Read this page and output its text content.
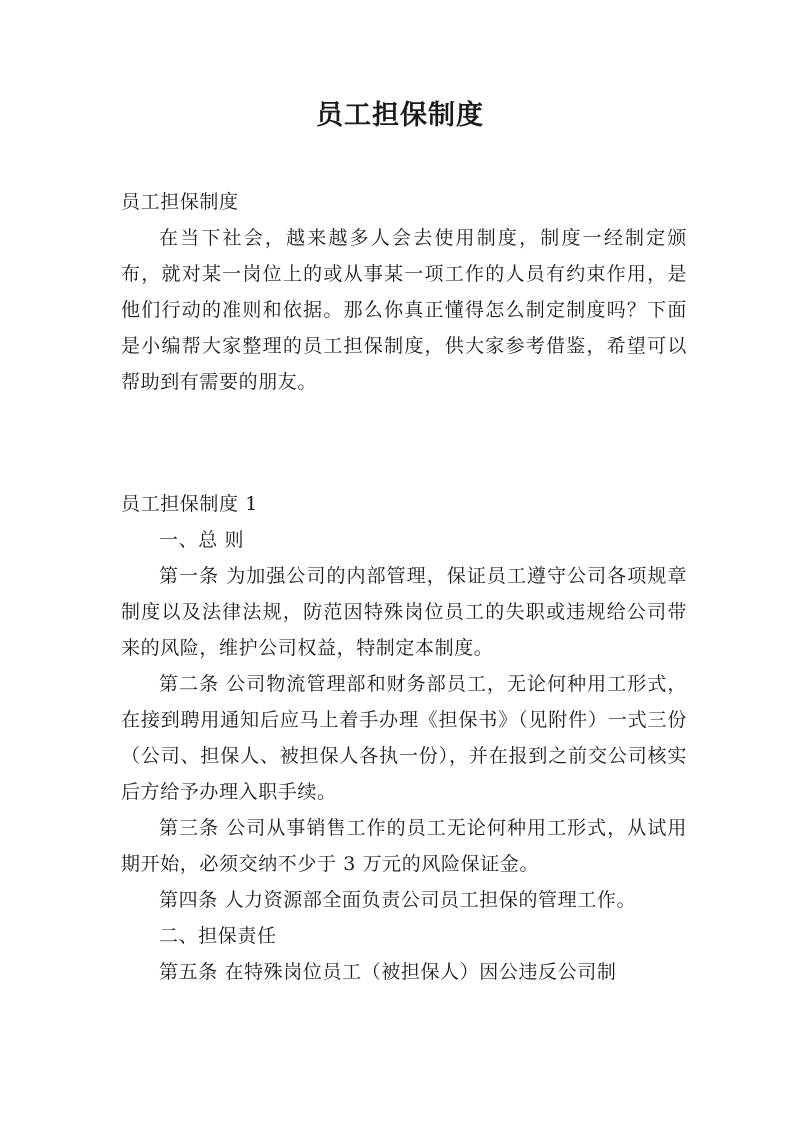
员工担保制度

员工担保制度

在当下社会，越来越多人会去使用制度，制度一经制定颁布，就对某一岗位上的或从事某一项工作的人员有约束作用，是他们行动的准则和依据。那么你真正懂得怎么制定制度吗？下面是小编帮大家整理的员工担保制度，供大家参考借鉴，希望可以帮助到有需要的朋友。

员工担保制度 1

一、总 则

第一条 为加强公司的内部管理，保证员工遵守公司各项规章制度以及法律法规，防范因特殊岗位员工的失职或违规给公司带来的风险，维护公司权益，特制定本制度。

第二条 公司物流管理部和财务部员工，无论何种用工形式，在接到聘用通知后应马上着手办理《担保书》（见附件）一式三份（公司、担保人、被担保人各执一份），并在报到之前交公司核实后方给予办理入职手续。

第三条 公司从事销售工作的员工无论何种用工形式，从试用期开始，必须交纳不少于 3 万元的风险保证金。

第四条 人力资源部全面负责公司员工担保的管理工作。

二、担保责任

第五条 在特殊岗位员工（被担保人）因公违反公司制
